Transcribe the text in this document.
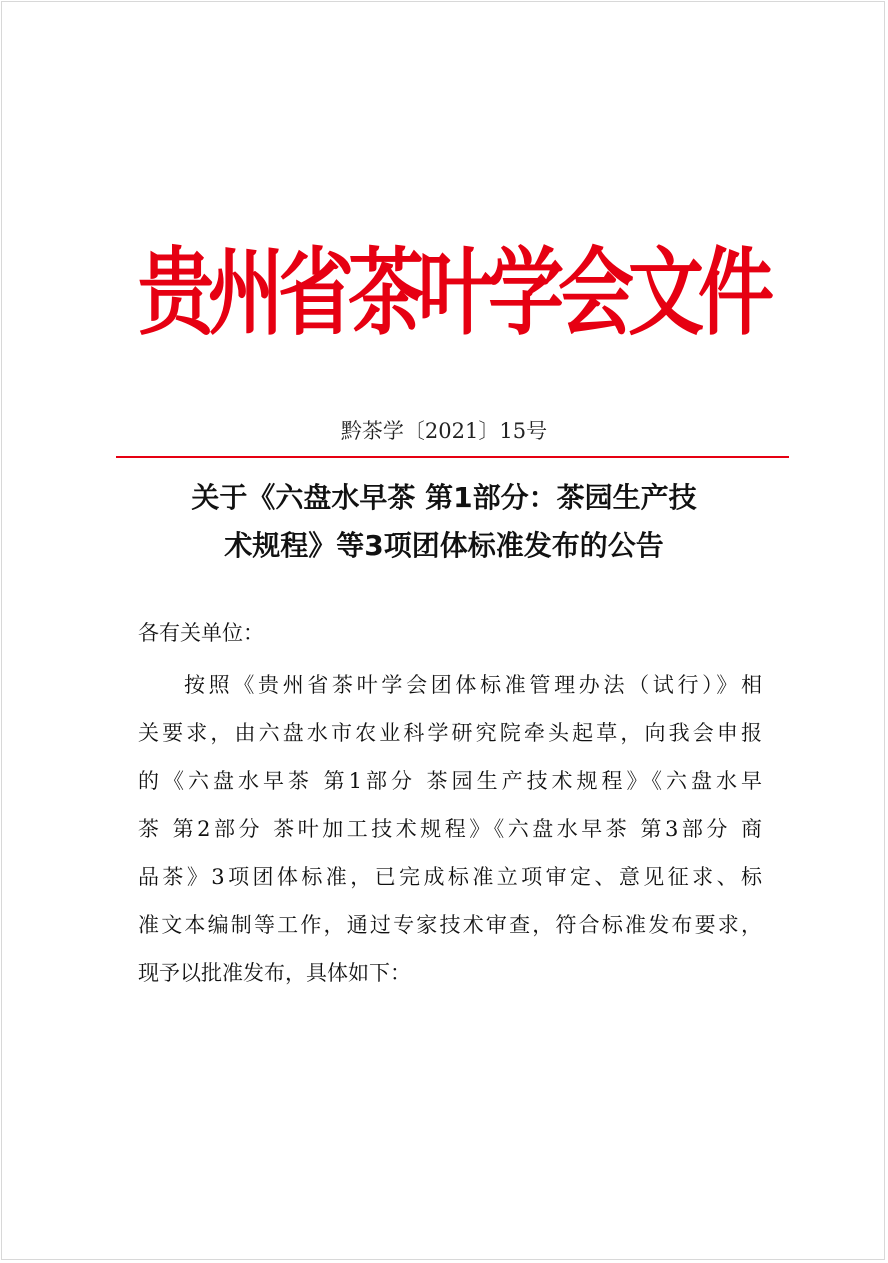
贵州省茶叶学会文件
黔茶学〔2021〕15号
关于《六盘水早茶 第1部分：茶园生产技
术规程》等3项团体标准发布的公告
各有关单位：
按照《贵州省茶叶学会团体标准管理办法（试行）》相
关要求，由六盘水市农业科学研究院牵头起草，向我会申报
的《六盘水早茶 第1部分 茶园生产技术规程》《六盘水早
茶 第2部分 茶叶加工技术规程》《六盘水早茶 第3部分 商
品茶》3项团体标准，已完成标准立项审定、意见征求、标
准文本编制等工作，通过专家技术审查，符合标准发布要求，
现予以批准发布，具体如下：
